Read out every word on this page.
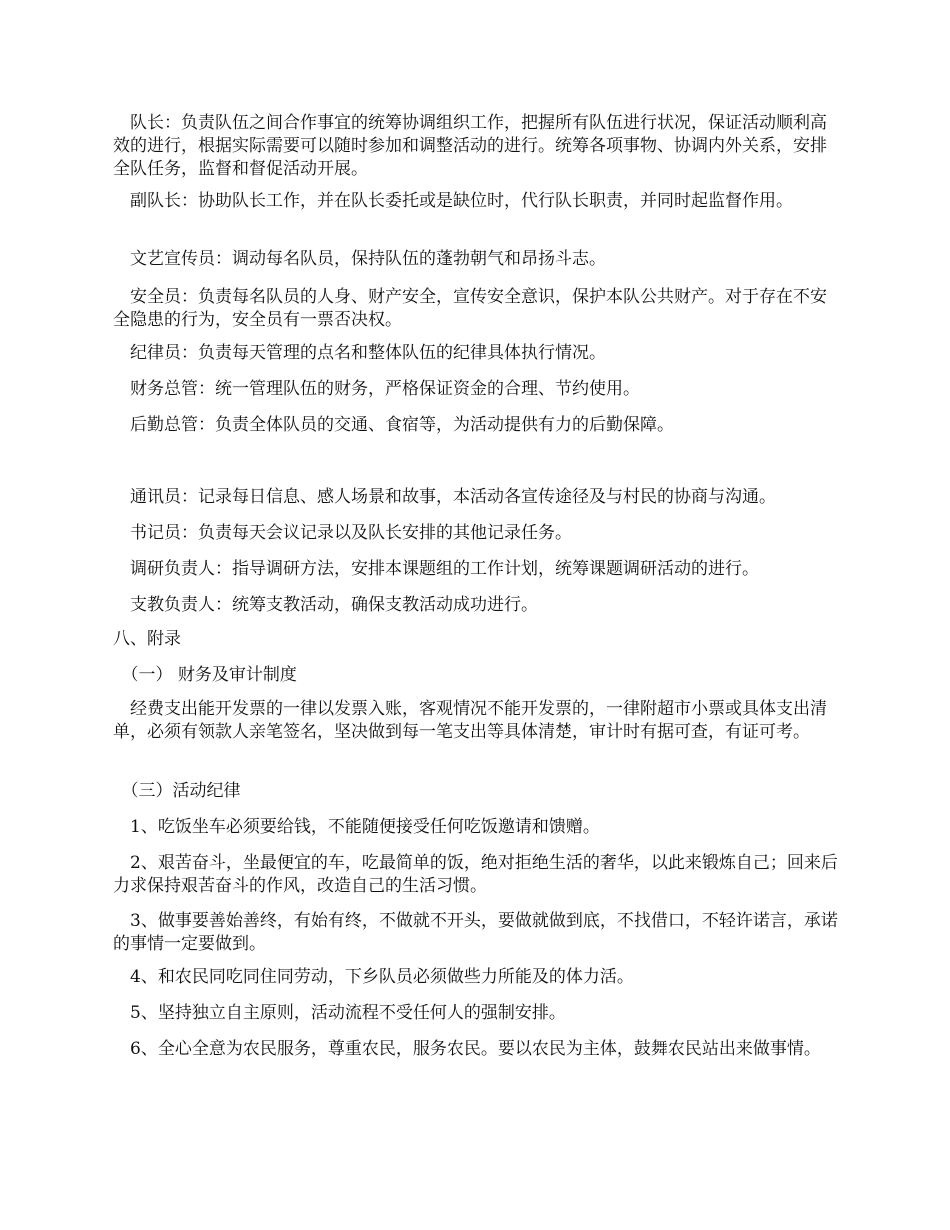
　队长：负责队伍之间合作事宜的统筹协调组织工作，把握所有队伍进行状况，保证活动顺利高效的进行，根据实际需要可以随时参加和调整活动的进行。统筹各项事物、协调内外关系，安排全队任务，监督和督促活动开展。

　副队长：协助队长工作，并在队长委托或是缺位时，代行队长职责，并同时起监督作用。

　文艺宣传员：调动每名队员，保持队伍的蓬勃朝气和昂扬斗志。

　安全员：负责每名队员的人身、财产安全，宣传安全意识，保护本队公共财产。对于存在不安全隐患的行为，安全员有一票否决权。

　纪律员：负责每天管理的点名和整体队伍的纪律具体执行情况。

　财务总管：统一管理队伍的财务，严格保证资金的合理、节约使用。

　后勤总管：负责全体队员的交通、食宿等，为活动提供有力的后勤保障。

　通讯员：记录每日信息、感人场景和故事，本活动各宣传途径及与村民的协商与沟通。

　书记员：负责每天会议记录以及队长安排的其他记录任务。

　调研负责人：指导调研方法，安排本课题组的工作计划，统筹课题调研活动的进行。

　支教负责人：统筹支教活动，确保支教活动成功进行。

八、附录

　（一） 财务及审计制度

　经费支出能开发票的一律以发票入账，客观情况不能开发票的，一律附超市小票或具体支出清单，必须有领款人亲笔签名，坚决做到每一笔支出等具体清楚，审计时有据可查，有证可考。

　（三）活动纪律

　1、吃饭坐车必须要给钱，不能随便接受任何吃饭邀请和馈赠。

　2、艰苦奋斗，坐最便宜的车，吃最简单的饭，绝对拒绝生活的奢华，以此来锻炼自己；回来后力求保持艰苦奋斗的作风，改造自己的生活习惯。

　3、做事要善始善终，有始有终，不做就不开头，要做就做到底，不找借口，不轻许诺言，承诺的事情一定要做到。

　4、和农民同吃同住同劳动，下乡队员必须做些力所能及的体力活。

　5、坚持独立自主原则，活动流程不受任何人的强制安排。

　6、全心全意为农民服务，尊重农民，服务农民。要以农民为主体，鼓舞农民站出来做事情。
